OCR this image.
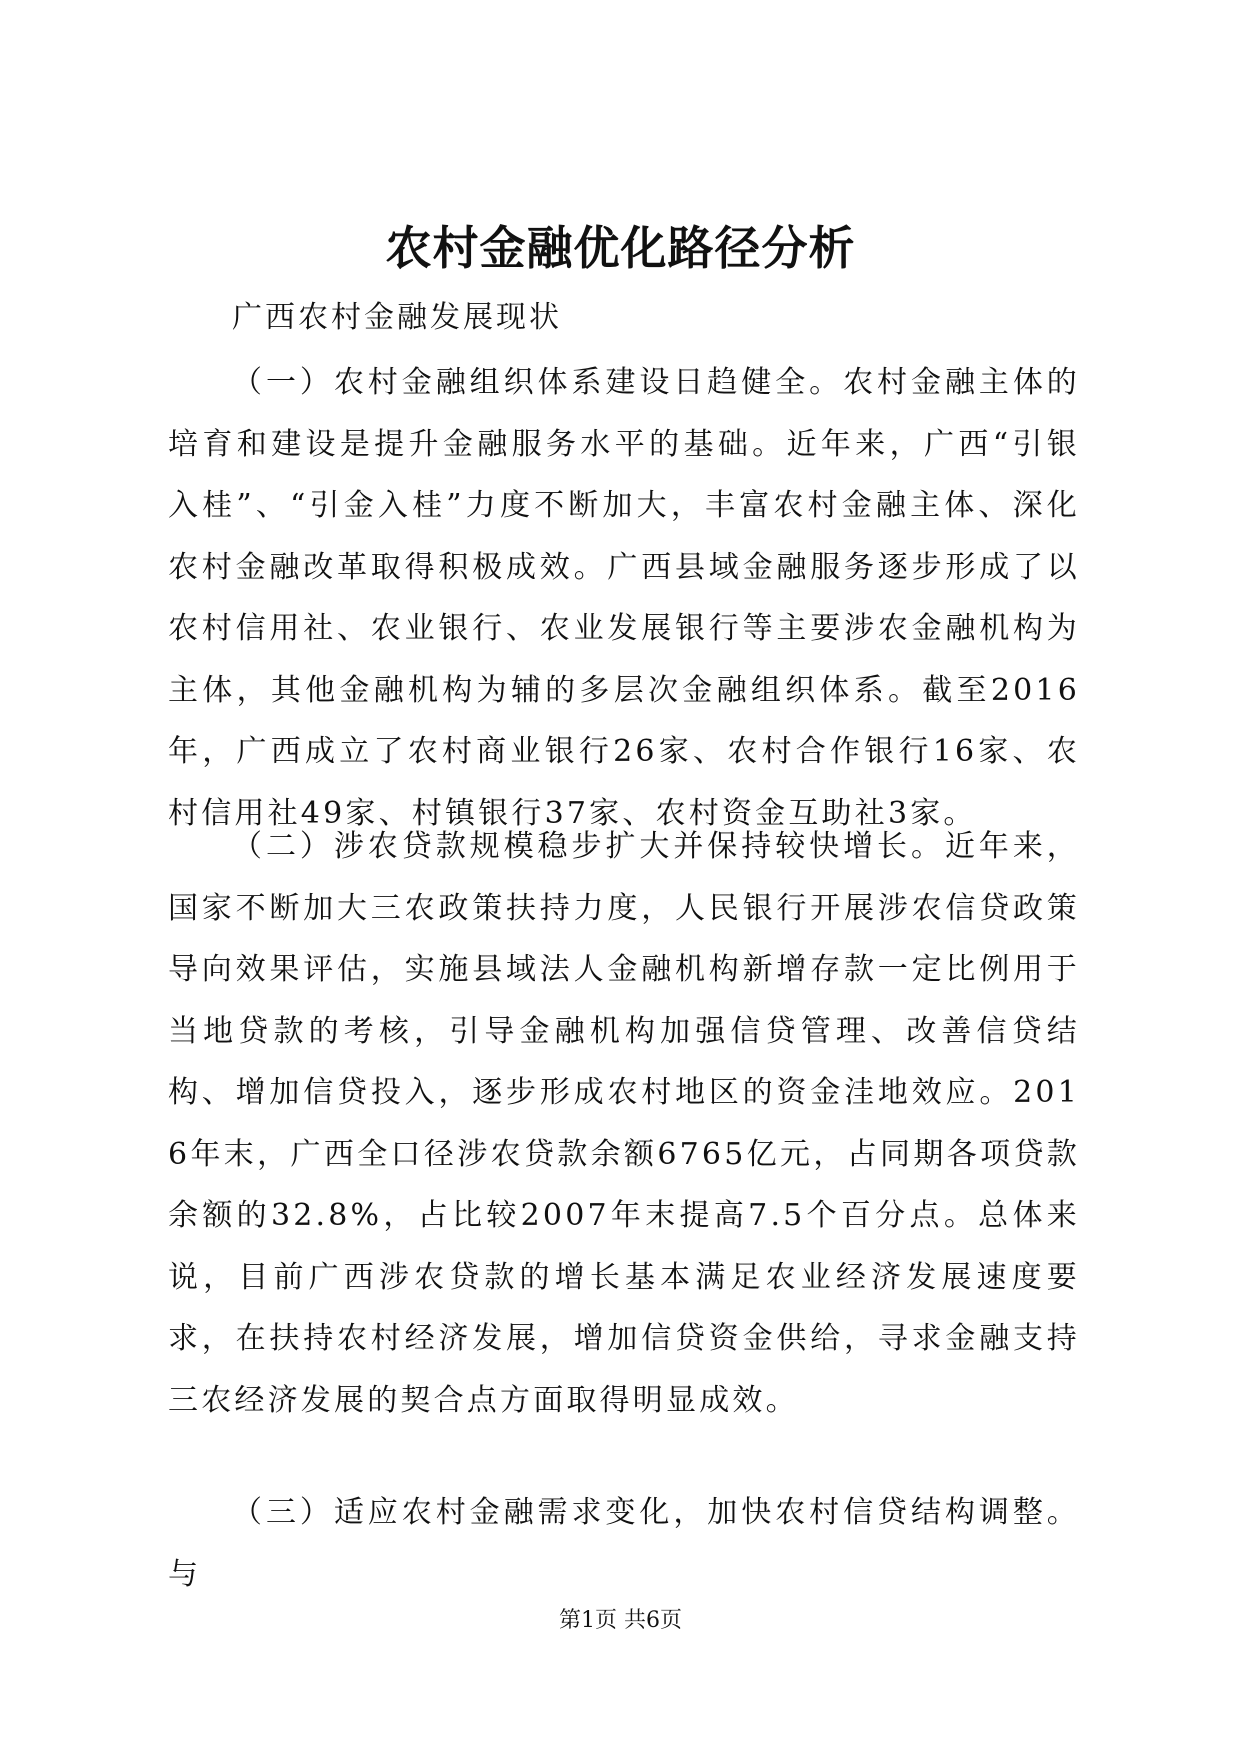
农村金融优化路径分析

广西农村金融发展现状

（一）农村金融组织体系建设日趋健全。农村金融主体的培育和建设是提升金融服务水平的基础。近年来，广西“引银入桂”、“引金入桂”力度不断加大，丰富农村金融主体、深化农村金融改革取得积极成效。广西县域金融服务逐步形成了以农村信用社、农业银行、农业发展银行等主要涉农金融机构为主体，其他金融机构为辅的多层次金融组织体系。截至2016年，广西成立了农村商业银行26家、农村合作银行16家、农村信用社49家、村镇银行37家、农村资金互助社3家。

（二）涉农贷款规模稳步扩大并保持较快增长。近年来，国家不断加大三农政策扶持力度，人民银行开展涉农信贷政策导向效果评估，实施县域法人金融机构新增存款一定比例用于当地贷款的考核，引导金融机构加强信贷管理、改善信贷结构、增加信贷投入，逐步形成农村地区的资金洼地效应。2016年末，广西全口径涉农贷款余额6765亿元，占同期各项贷款余额的32.8%，占比较2007年末提高7.5个百分点。总体来说，目前广西涉农贷款的增长基本满足农业经济发展速度要求，在扶持农村经济发展，增加信贷资金供给，寻求金融支持三农经济发展的契合点方面取得明显成效。

（三）适应农村金融需求变化，加快农村信贷结构调整。与

第1页 共6页
